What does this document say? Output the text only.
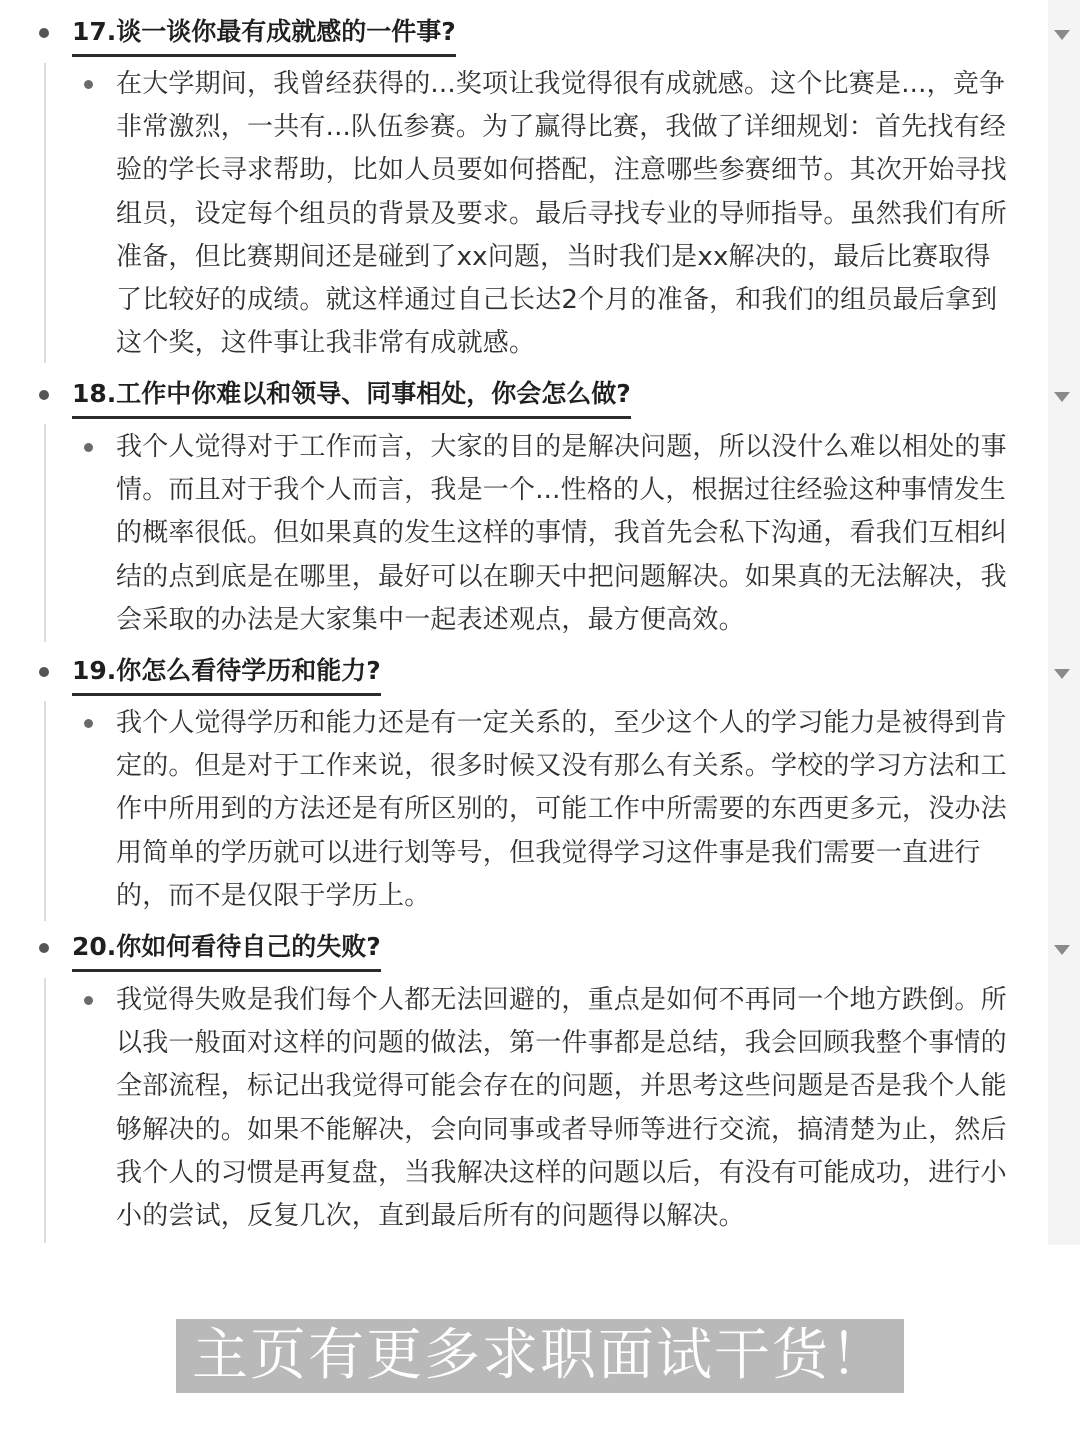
17.谈一谈你最有成就感的一件事?
在大学期间，我曾经获得的...奖项让我觉得很有成就感。这个比赛是...，竞争非常激烈，一共有...队伍参赛。为了赢得比赛，我做了详细规划：首先找有经验的学长寻求帮助，比如人员要如何搭配，注意哪些参赛细节。其次开始寻找组员，设定每个组员的背景及要求。最后寻找专业的导师指导。虽然我们有所准备，但比赛期间还是碰到了xx问题，当时我们是xx解决的，最后比赛取得了比较好的成绩。就这样通过自己长达2个月的准备，和我们的组员最后拿到这个奖，这件事让我非常有成就感。
18.工作中你难以和领导、同事相处，你会怎么做?
我个人觉得对于工作而言，大家的目的是解决问题，所以没什么难以相处的事情。而且对于我个人而言，我是一个...性格的人，根据过往经验这种事情发生的概率很低。但如果真的发生这样的事情，我首先会私下沟通，看我们互相纠结的点到底是在哪里，最好可以在聊天中把问题解决。如果真的无法解决，我会采取的办法是大家集中一起表述观点，最方便高效。
19.你怎么看待学历和能力?
我个人觉得学历和能力还是有一定关系的，至少这个人的学习能力是被得到肯定的。但是对于工作来说，很多时候又没有那么有关系。学校的学习方法和工作中所用到的方法还是有所区别的，可能工作中所需要的东西更多元，没办法用简单的学历就可以进行划等号，但我觉得学习这件事是我们需要一直进行的，而不是仅限于学历上。
20.你如何看待自己的失败?
我觉得失败是我们每个人都无法回避的，重点是如何不再同一个地方跌倒。所以我一般面对这样的问题的做法，第一件事都是总结，我会回顾我整个事情的全部流程，标记出我觉得可能会存在的问题，并思考这些问题是否是我个人能够解决的。如果不能解决，会向同事或者导师等进行交流，搞清楚为止，然后我个人的习惯是再复盘，当我解决这样的问题以后，有没有可能成功，进行小小的尝试，反复几次，直到最后所有的问题得以解决。
主页有更多求职面试干货！
